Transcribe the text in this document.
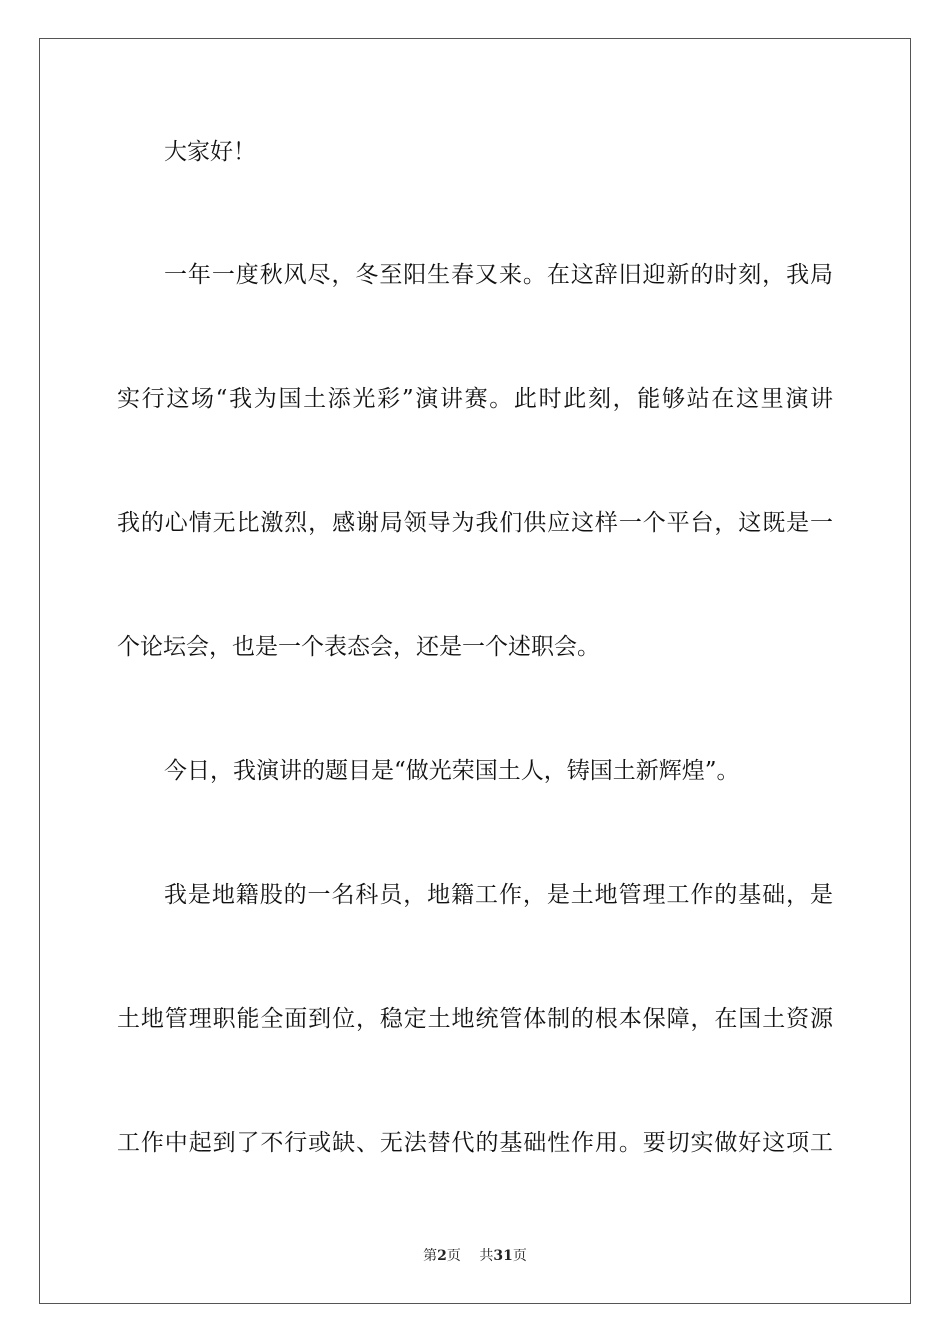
大家好！
一年一度秋风尽，冬至阳生春又来。在这辞旧迎新的时刻，我局
实行这场“我为国土添光彩”演讲赛。此时此刻，能够站在这里演讲
我的心情无比激烈，感谢局领导为我们供应这样一个平台，这既是一
个论坛会，也是一个表态会，还是一个述职会。
今日，我演讲的题目是“做光荣国土人，铸国土新辉煌”。
我是地籍股的一名科员，地籍工作，是土地管理工作的基础，是
土地管理职能全面到位，稳定土地统管体制的根本保障，在国土资源
工作中起到了不行或缺、无法替代的基础性作用。要切实做好这项工
第2页 共31页
